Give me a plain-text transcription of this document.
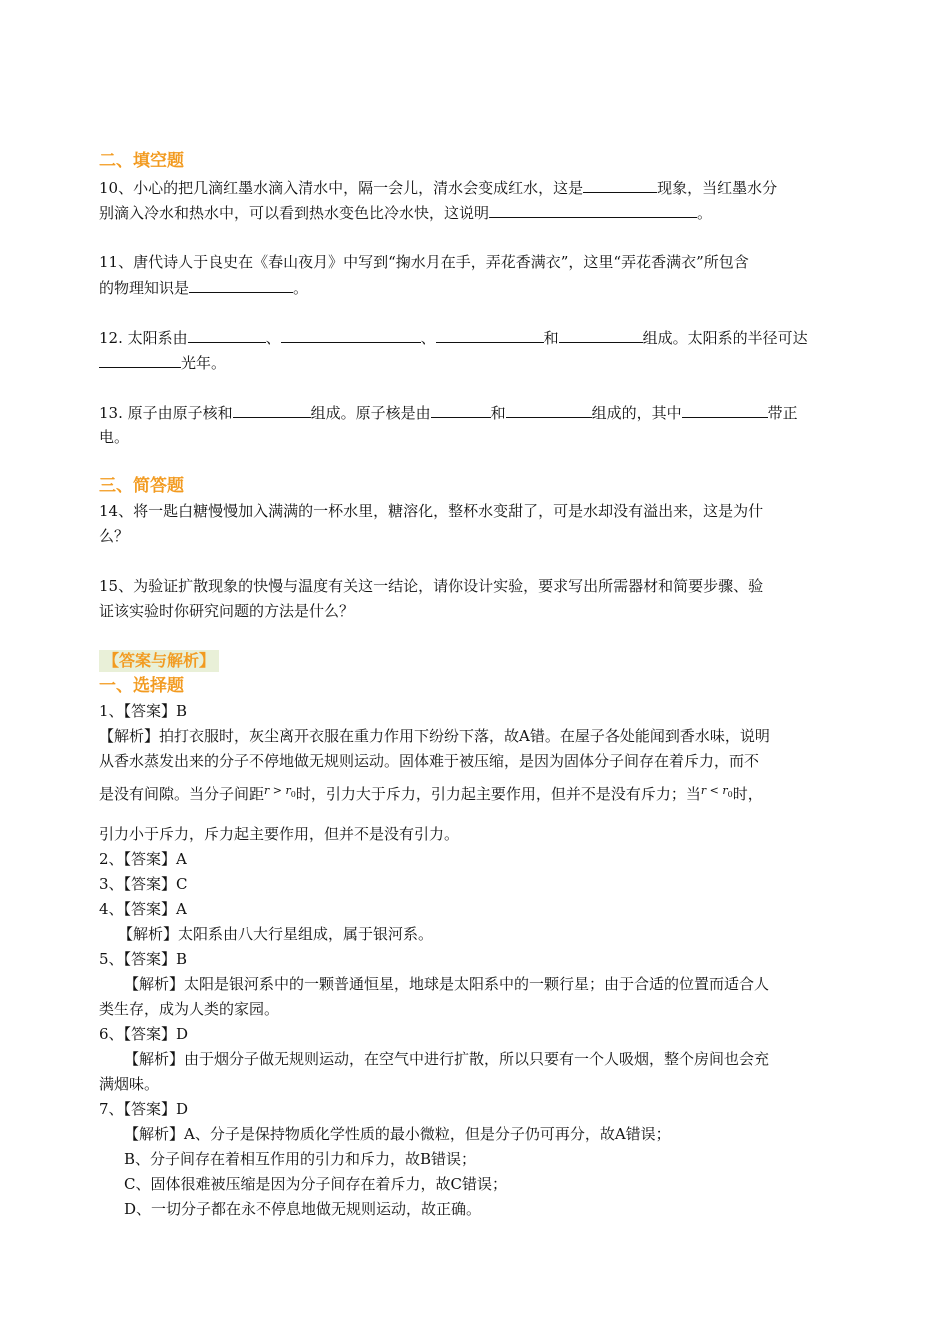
二、填空题
10、小心的把几滴红墨水滴入清水中，隔一会儿，清水会变成红水，这是	现象，当红墨水分
别滴入冷水和热水中，可以看到热水变色比冷水快，这说明	。
11、唐代诗人于良史在《春山夜月》中写到“掬水月在手，弄花香满衣”，这里“弄花香满衣”所包含
的物理知识是	。
12. 太阳系由	、	、	和	组成。太阳系的半径可达
光年。
13. 原子由原子核和	组成。原子核是由	和	组成的，其中	带正
电。
三、简答题
14、将一匙白糖慢慢加入满满的一杯水里，糖溶化，整杯水变甜了，可是水却没有溢出来，这是为什
么？
15、为验证扩散现象的快慢与温度有关这一结论，请你设计实验，要求写出所需器材和简要步骤、验
证该实验时你研究问题的方法是什么？
【答案与解析】
一、选择题
1、【答案】B
【解析】拍打衣服时，灰尘离开衣服在重力作用下纷纷下落，故A错。在屋子各处能闻到香水味，说明
从香水蒸发出来的分子不停地做无规则运动。固体难于被压缩，是因为固体分子间存在着斥力，而不
是没有间隙。当分子间距$^{r > r_0}$时，引力大于斥力，引力起主要作用，但并不是没有斥力；当$^{r < r_0}$时，
引力小于斥力，斥力起主要作用，但并不是没有引力。
2、【答案】A
3、【答案】C
4、【答案】A
【解析】太阳系由八大行星组成，属于银河系。
5、【答案】B
【解析】太阳是银河系中的一颗普通恒星，地球是太阳系中的一颗行星；由于合适的位置而适合人
类生存，成为人类的家园。
6、【答案】D
【解析】由于烟分子做无规则运动，在空气中进行扩散，所以只要有一个人吸烟，整个房间也会充
满烟味。
7、【答案】D
【解析】A、分子是保持物质化学性质的最小微粒，但是分子仍可再分，故A错误；
B、分子间存在着相互作用的引力和斥力，故B错误；
C、固体很难被压缩是因为分子间存在着斥力，故C错误；
D、一切分子都在永不停息地做无规则运动，故正确。
